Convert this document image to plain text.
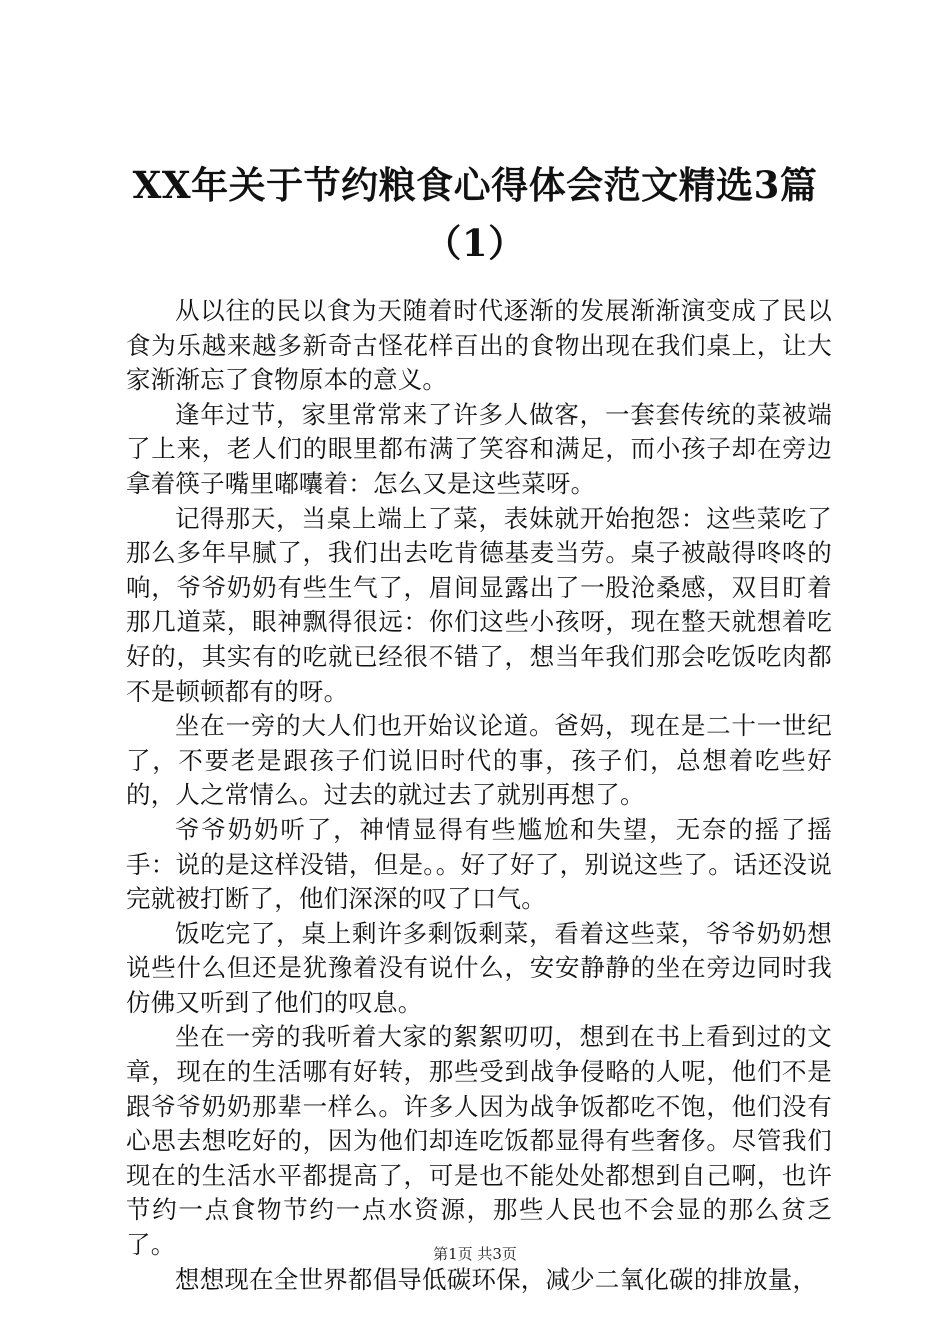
XX年关于节约粮食心得体会范文精选3篇
（1）

从以往的民以食为天随着时代逐渐的发展渐渐演变成了民以食为乐越来越多新奇古怪花样百出的食物出现在我们桌上，让大家渐渐忘了食物原本的意义。

逢年过节，家里常常来了许多人做客，一套套传统的菜被端了上来，老人们的眼里都布满了笑容和满足，而小孩子却在旁边拿着筷子嘴里嘟囔着：怎么又是这些菜呀。

记得那天，当桌上端上了菜，表妹就开始抱怨：这些菜吃了那么多年早腻了，我们出去吃肯德基麦当劳。桌子被敲得咚咚的响，爷爷奶奶有些生气了，眉间显露出了一股沧桑感，双目盯着那几道菜，眼神飘得很远：你们这些小孩呀，现在整天就想着吃好的，其实有的吃就已经很不错了，想当年我们那会吃饭吃肉都不是顿顿都有的呀。

坐在一旁的大人们也开始议论道。爸妈，现在是二十一世纪了，不要老是跟孩子们说旧时代的事，孩子们，总想着吃些好的，人之常情么。过去的就过去了就别再想了。

爷爷奶奶听了，神情显得有些尴尬和失望，无奈的摇了摇手：说的是这样没错，但是。。好了好了，别说这些了。话还没说完就被打断了，他们深深的叹了口气。

饭吃完了，桌上剩许多剩饭剩菜，看着这些菜，爷爷奶奶想说些什么但还是犹豫着没有说什么，安安静静的坐在旁边同时我仿佛又听到了他们的叹息。

坐在一旁的我听着大家的絮絮叨叨，想到在书上看到过的文章，现在的生活哪有好转，那些受到战争侵略的人呢，他们不是跟爷爷奶奶那辈一样么。许多人因为战争饭都吃不饱，他们没有心思去想吃好的，因为他们却连吃饭都显得有些奢侈。尽管我们现在的生活水平都提高了，可是也不能处处都想到自己啊，也许节约一点食物节约一点水资源，那些人民也不会显的那么贫乏了。

想想现在全世界都倡导低碳环保，减少二氧化碳的排放量，

第1页 共3页
